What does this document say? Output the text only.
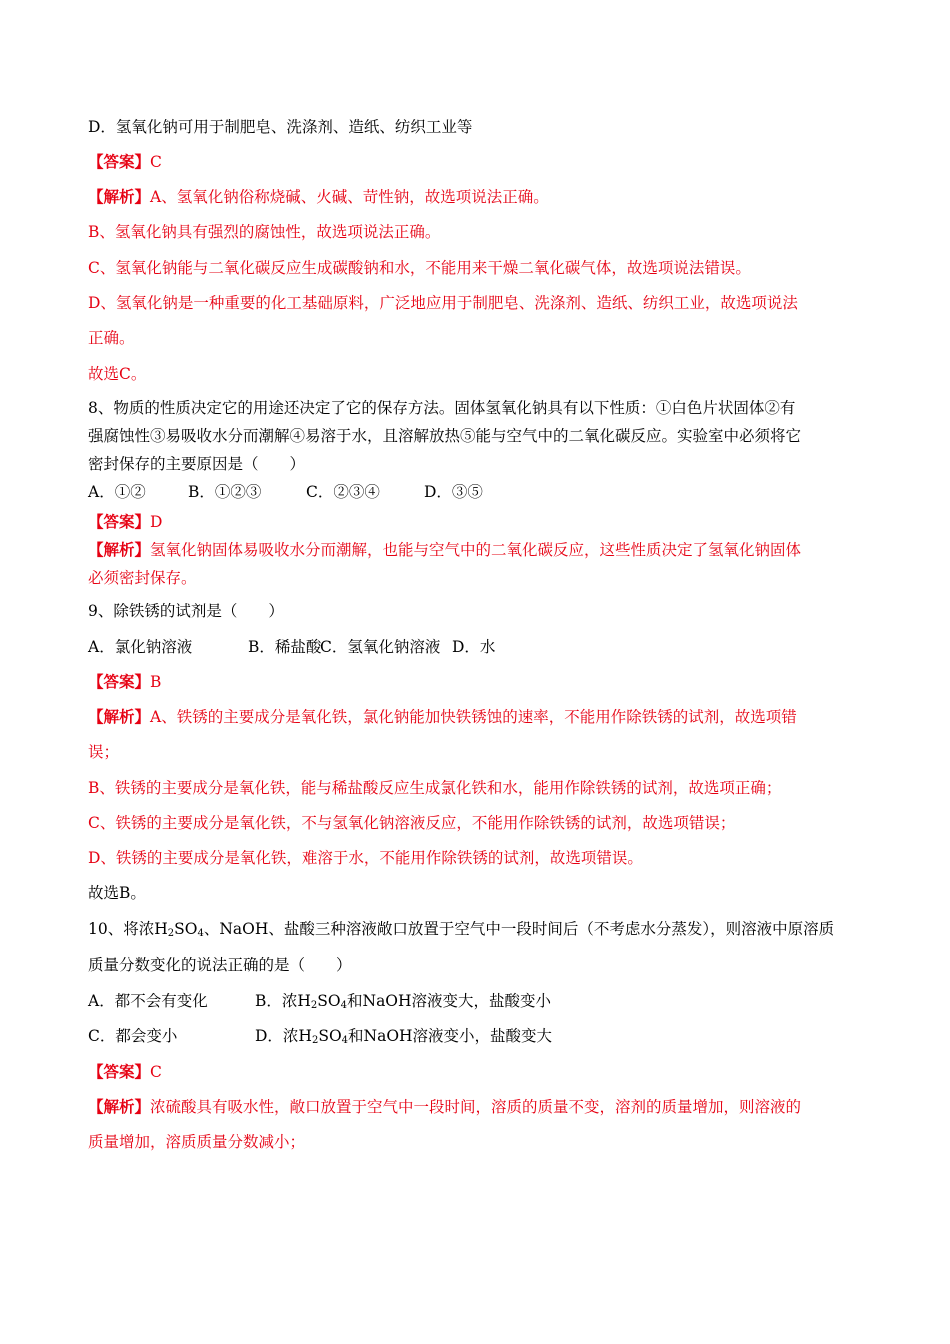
D．氢氧化钠可用于制肥皂、洗涤剂、造纸、纺织工业等
【答案】C
【解析】A、氢氧化钠俗称烧碱、火碱、苛性钠，故选项说法正确。
B、氢氧化钠具有强烈的腐蚀性，故选项说法正确。
C、氢氧化钠能与二氧化碳反应生成碳酸钠和水，不能用来干燥二氧化碳气体，故选项说法错误。
D、氢氧化钠是一种重要的化工基础原料，广泛地应用于制肥皂、洗涤剂、造纸、纺织工业，故选项说法
正确。
故选C。
8、物质的性质决定它的用途还决定了它的保存方法。固体氢氧化钠具有以下性质：①白色片状固体②有
强腐蚀性③易吸收水分而潮解④易溶于水，且溶解放热⑤能与空气中的二氧化碳反应。实验室中必须将它
密封保存的主要原因是（　　）
A．①②	B．①②③	C．②③④	D．③⑤
【答案】D
【解析】氢氧化钠固体易吸收水分而潮解，也能与空气中的二氧化碳反应，这些性质决定了氢氧化钠固体
必须密封保存。
9、除铁锈的试剂是（　　）
A．氯化钠溶液	B．稀盐酸C．氢氧化钠溶液 D．水
【答案】B
【解析】A、铁锈的主要成分是氧化铁，氯化钠能加快铁锈蚀的速率，不能用作除铁锈的试剂，故选项错
误；
B、铁锈的主要成分是氧化铁，能与稀盐酸反应生成氯化铁和水，能用作除铁锈的试剂，故选项正确；
C、铁锈的主要成分是氧化铁，不与氢氧化钠溶液反应，不能用作除铁锈的试剂，故选项错误；
D、铁锈的主要成分是氧化铁，难溶于水，不能用作除铁锈的试剂，故选项错误。
故选B。
10、将浓$H_2SO_4$、NaOH、盐酸三种溶液敞口放置于空气中一段时间后（不考虑水分蒸发），则溶液中原溶质
质量分数变化的说法正确的是（　　）
A．都不会有变化	B．浓$H_2SO_4$和NaOH溶液变大，盐酸变小
C．都会变小	D．浓$H_2SO_4$和NaOH溶液变小，盐酸变大
【答案】C
【解析】浓硫酸具有吸水性，敞口放置于空气中一段时间，溶质的质量不变，溶剂的质量增加，则溶液的
质量增加，溶质质量分数减小；
